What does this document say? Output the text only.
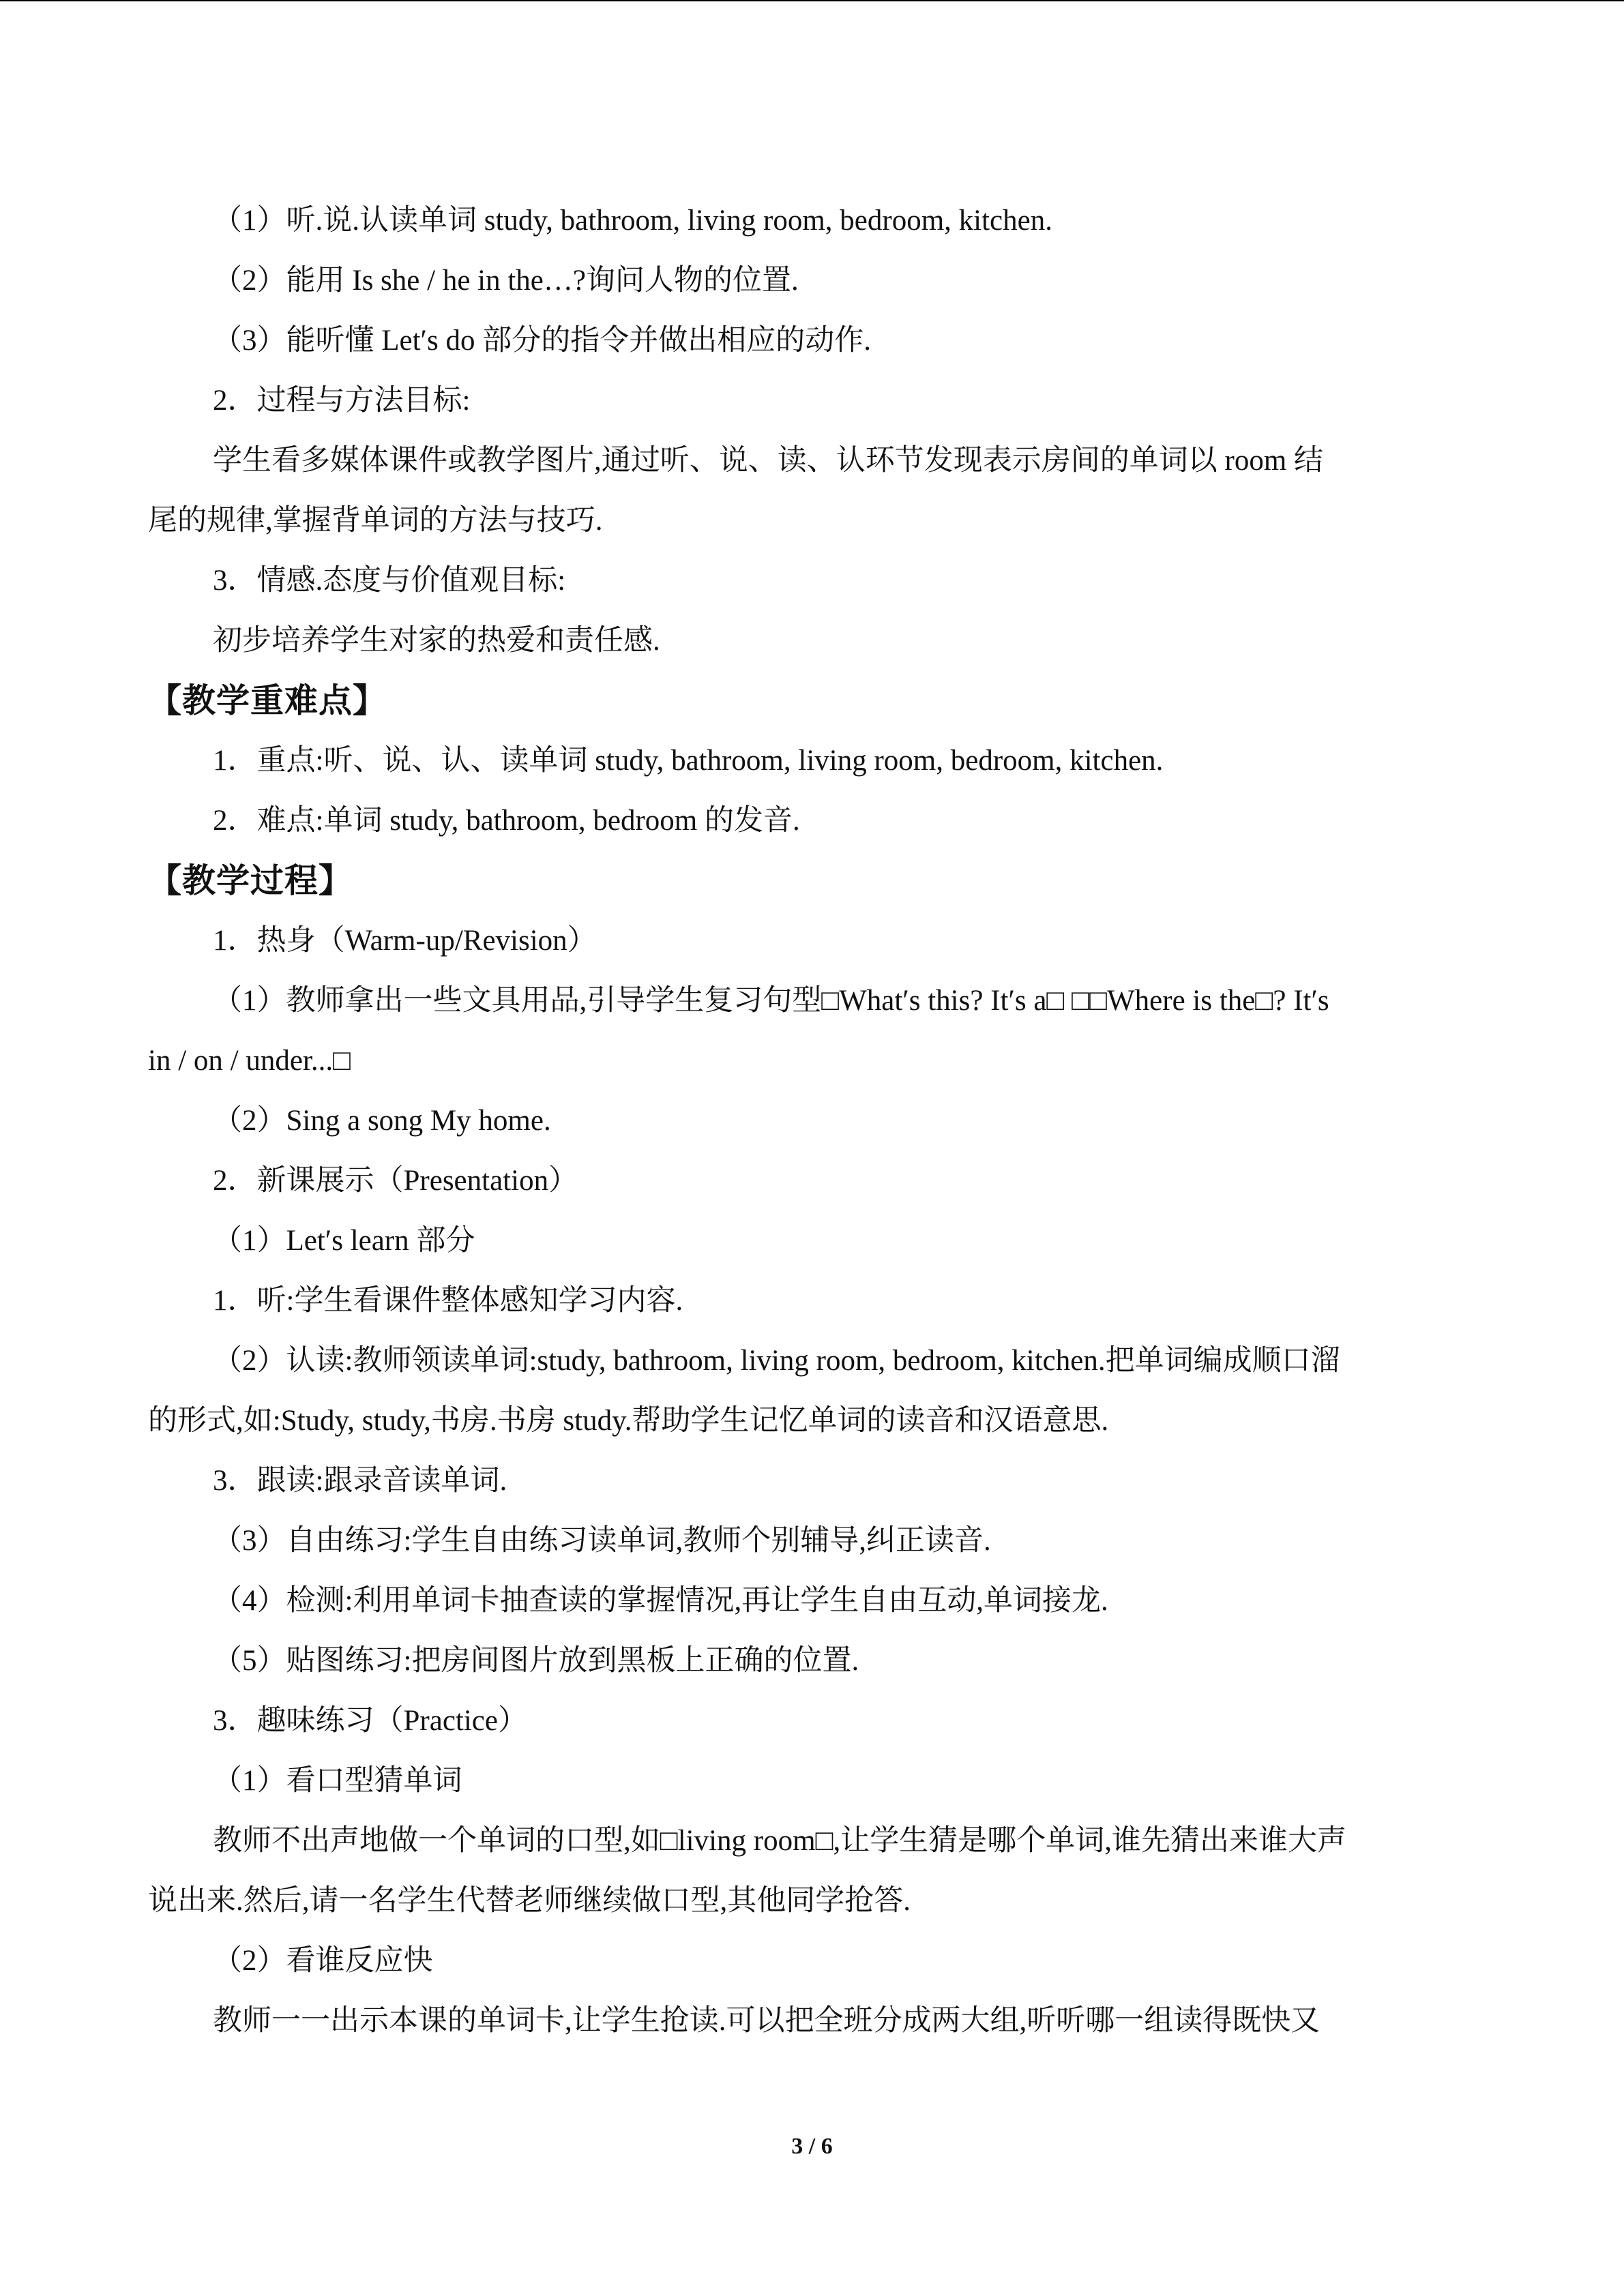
（1）听.说.认读单词 study, bathroom, living room, bedroom, kitchen.
（2）能用 Is she / he in the…?询问人物的位置.
（3）能听懂 Let′s do 部分的指令并做出相应的动作.
2．过程与方法目标:
学生看多媒体课件或教学图片,通过听、说、读、认环节发现表示房间的单词以 room 结
尾的规律,掌握背单词的方法与技巧.
3．情感.态度与价值观目标:
初步培养学生对家的热爱和责任感.
【教学重难点】
1．重点:听、说、认、读单词 study, bathroom, living room, bedroom, kitchen.
2．难点:单词 study, bathroom, bedroom 的发音.
【教学过程】
1．热身（Warm-up/Revision）
（1）教师拿出一些文具用品,引导学生复习句型□What′s this? It′s a□ □□Where is the□? It′s
in / on / under...□
（2）Sing a song My home.
2．新课展示（Presentation）
（1）Let′s learn 部分
1．听:学生看课件整体感知学习内容.
（2）认读:教师领读单词:study, bathroom, living room, bedroom, kitchen.把单词编成顺口溜
的形式,如:Study, study,书房.书房 study.帮助学生记忆单词的读音和汉语意思.
3．跟读:跟录音读单词.
（3）自由练习:学生自由练习读单词,教师个别辅导,纠正读音.
（4）检测:利用单词卡抽查读的掌握情况,再让学生自由互动,单词接龙.
（5）贴图练习:把房间图片放到黑板上正确的位置.
3．趣味练习（Practice）
（1）看口型猜单词
教师不出声地做一个单词的口型,如□living room□,让学生猜是哪个单词,谁先猜出来谁大声
说出来.然后,请一名学生代替老师继续做口型,其他同学抢答.
（2）看谁反应快
教师一一出示本课的单词卡,让学生抢读.可以把全班分成两大组,听听哪一组读得既快又
3 / 6
